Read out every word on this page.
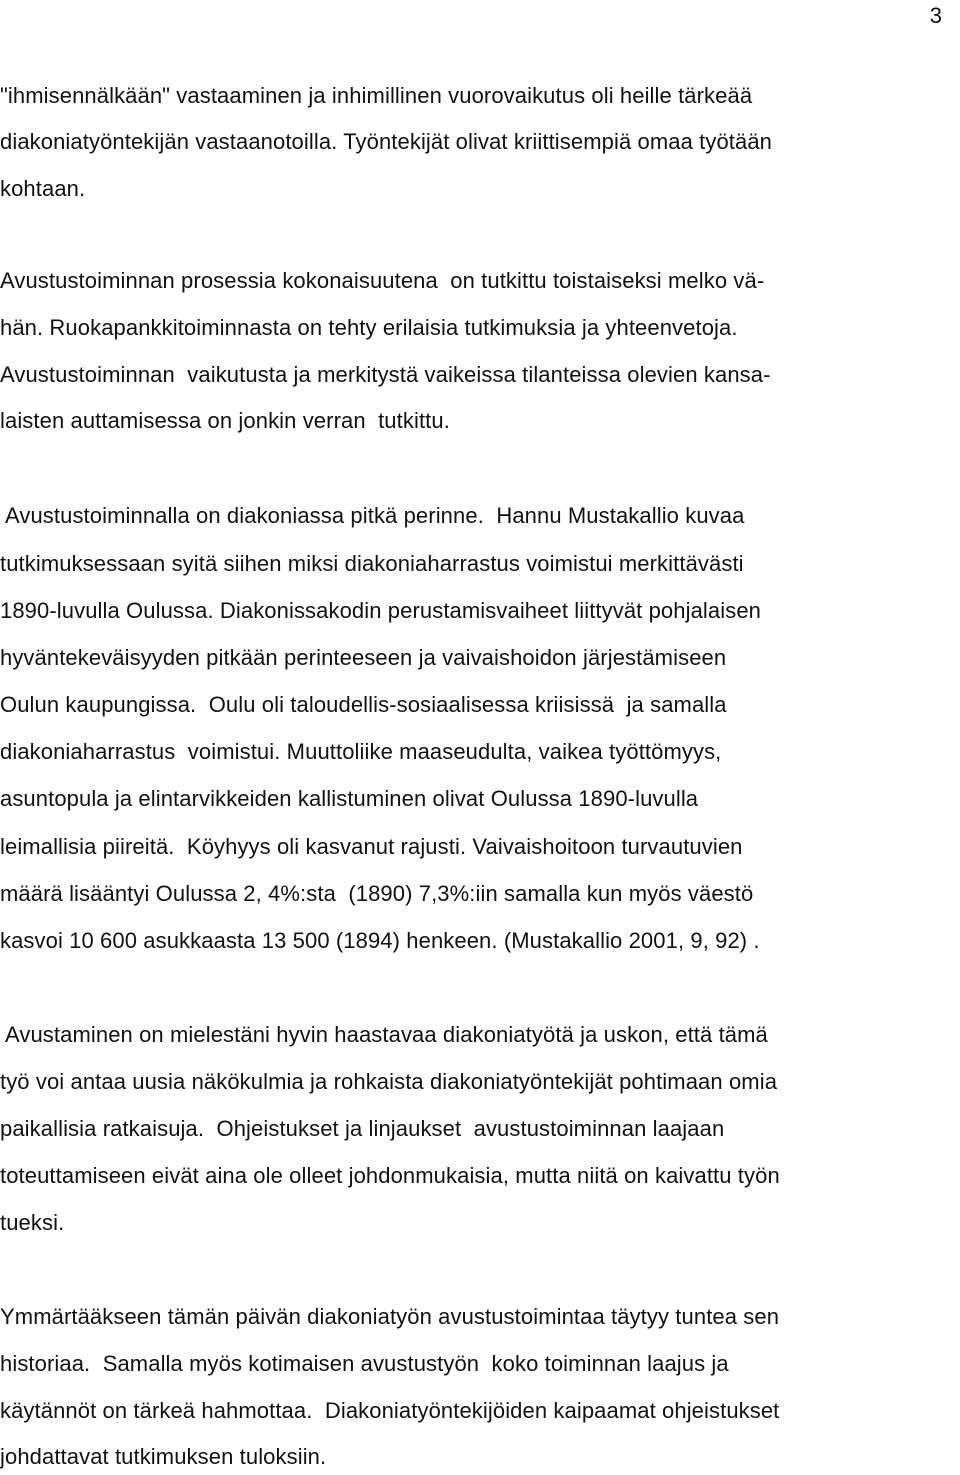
3
"ihmisennälkään" vastaaminen ja inhimillinen vuorovaikutus oli heille tärkeää
diakoniatyöntekijän vastaanotoilla. Työntekijät olivat kriittisempiä omaa työtään
kohtaan.
Avustustoiminnan prosessia kokonaisuutena  on tutkittu toistaiseksi melko vä-
hän. Ruokapankkitoiminnasta on tehty erilaisia tutkimuksia ja yhteenvetoja.
Avustustoiminnan  vaikutusta ja merkitystä vaikeissa tilanteissa olevien kansa-
laisten auttamisessa on jonkin verran  tutkittu.
Avustustoiminnalla on diakoniassa pitkä perinne.  Hannu Mustakallio kuvaa
tutkimuksessaan syitä siihen miksi diakoniaharrastus voimistui merkittävästi
1890-luvulla Oulussa. Diakonissakodin perustamisvaiheet liittyvät pohjalaisen
hyväntekeväisyyden pitkään perinteeseen ja vaivaishoidon järjestämiseen
Oulun kaupungissa.  Oulu oli taloudellis-sosiaalisessa kriisissä  ja samalla
diakoniaharrastus  voimistui. Muuttoliike maaseudulta, vaikea työttömyys,
asuntopula ja elintarvikkeiden kallistuminen olivat Oulussa 1890-luvulla
leimallisia piireitä.  Köyhyys oli kasvanut rajusti. Vaivaishoitoon turvautuvien
määrä lisääntyi Oulussa 2, 4%:sta  (1890) 7,3%:iin samalla kun myös väestö
kasvoi 10 600 asukkaasta 13 500 (1894) henkeen. (Mustakallio 2001, 9, 92) .
Avustaminen on mielestäni hyvin haastavaa diakoniatyötä ja uskon, että tämä
työ voi antaa uusia näkökulmia ja rohkaista diakoniatyöntekijät pohtimaan omia
paikallisia ratkaisuja.  Ohjeistukset ja linjaukset  avustustoiminnan laajaan
toteuttamiseen eivät aina ole olleet johdonmukaisia, mutta niitä on kaivattu työn
tueksi.
Ymmärtääkseen tämän päivän diakoniatyön avustustoimintaa täytyy tuntea sen
historiaa.  Samalla myös kotimaisen avustustyön  koko toiminnan laajus ja
käytännöt on tärkeä hahmottaa.  Diakoniatyöntekijöiden kaipaamat ohjeistukset
johdattavat tutkimuksen tuloksiin.
